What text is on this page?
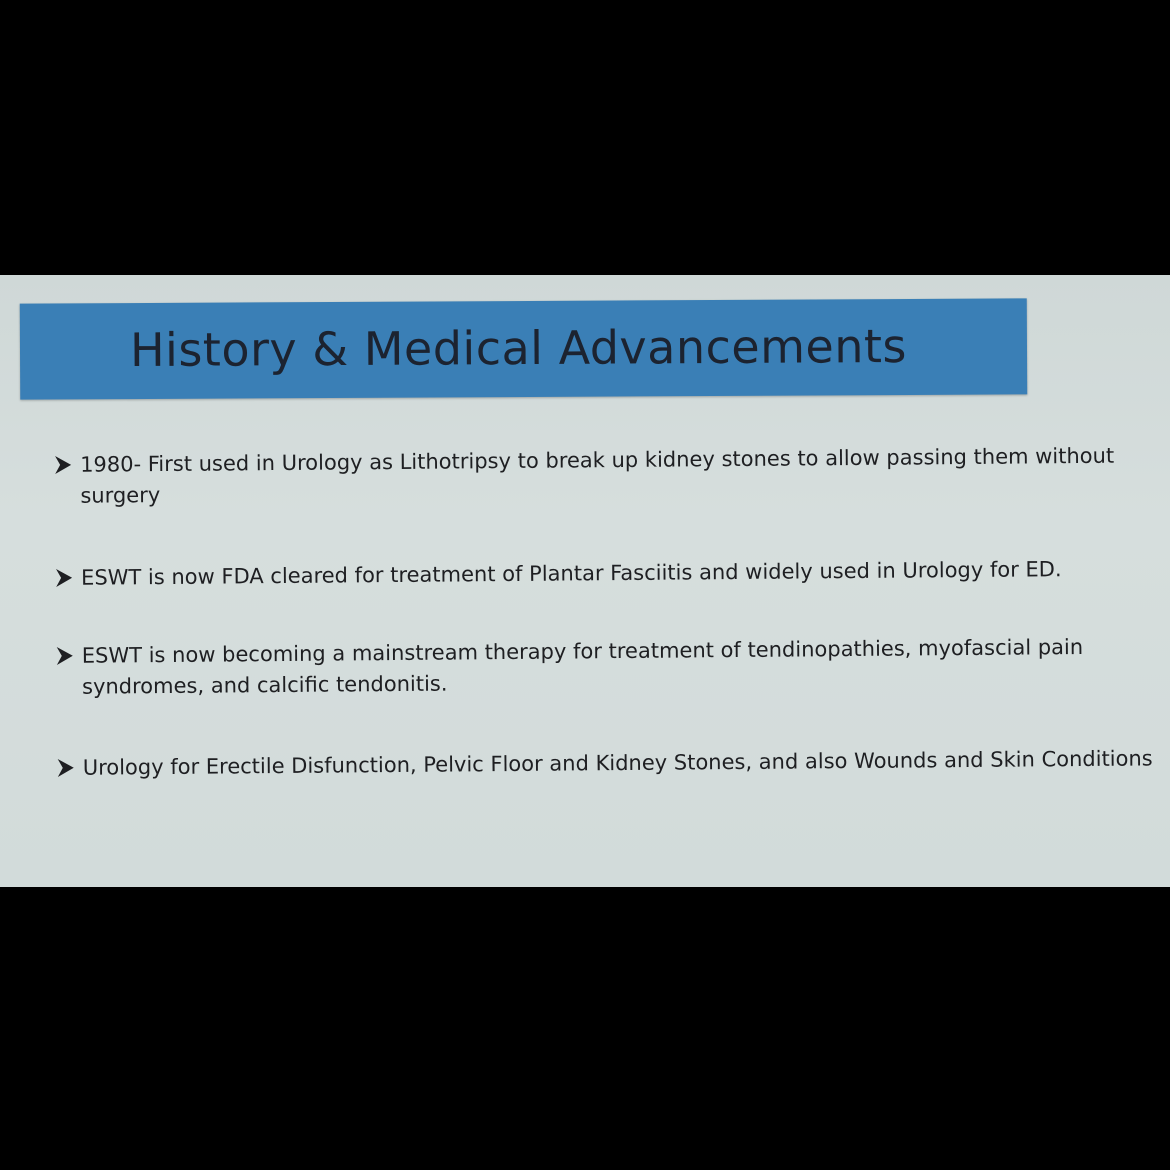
History & Medical Advancements
1980- First used in Urology as Lithotripsy to break up kidney stones to allow passing them without surgery
ESWT is now FDA cleared for treatment of Plantar Fasciitis and widely used in Urology for ED.
ESWT is now becoming a mainstream therapy for treatment of tendinopathies, myofascial pain syndromes, and calcific tendonitis.
Urology for Erectile Disfunction, Pelvic Floor and Kidney Stones, and also Wounds and Skin Conditions
